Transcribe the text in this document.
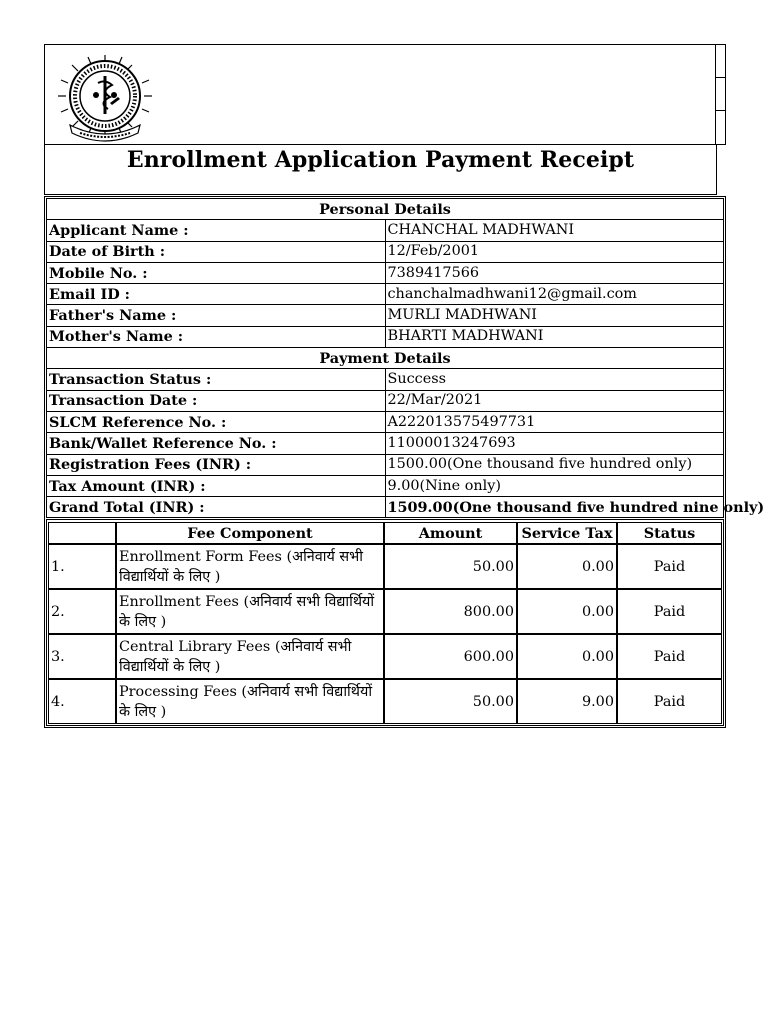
Enrollment Application Payment Receipt
Personal Details	
Applicant Name :	CHANCHAL MADHWANI
Date of Birth :	12/Feb/2001
Mobile No. :	7389417566
Email ID :	chanchalmadhwani12@gmail.com
Father's Name :	MURLI MADHWANI
Mother's Name :	BHARTI MADHWANI
Payment Details	
Transaction Status :	Success
Transaction Date :	22/Mar/2021
SLCM Reference No. :	A222013575497731
Bank/Wallet Reference No. :	11000013247693
Registration Fees (INR) :	1500.00(One thousand five hundred only)
Tax Amount (INR) :	9.00(Nine only)
Grand Total (INR) :	1509.00(One thousand five hundred nine only)
	Fee Component	Amount	Service Tax	Status
1.	Enrollment Form Fees (अनिवार्य सभी विद्यार्थियों के लिए )	50.00	0.00	Paid
2.	Enrollment Fees (अनिवार्य सभी विद्यार्थियों के लिए )	800.00	0.00	Paid
3.	Central Library Fees (अनिवार्य सभी विद्यार्थियों के लिए )	600.00	0.00	Paid
4.	Processing Fees (अनिवार्य सभी विद्यार्थियों के लिए )	50.00	9.00	Paid
